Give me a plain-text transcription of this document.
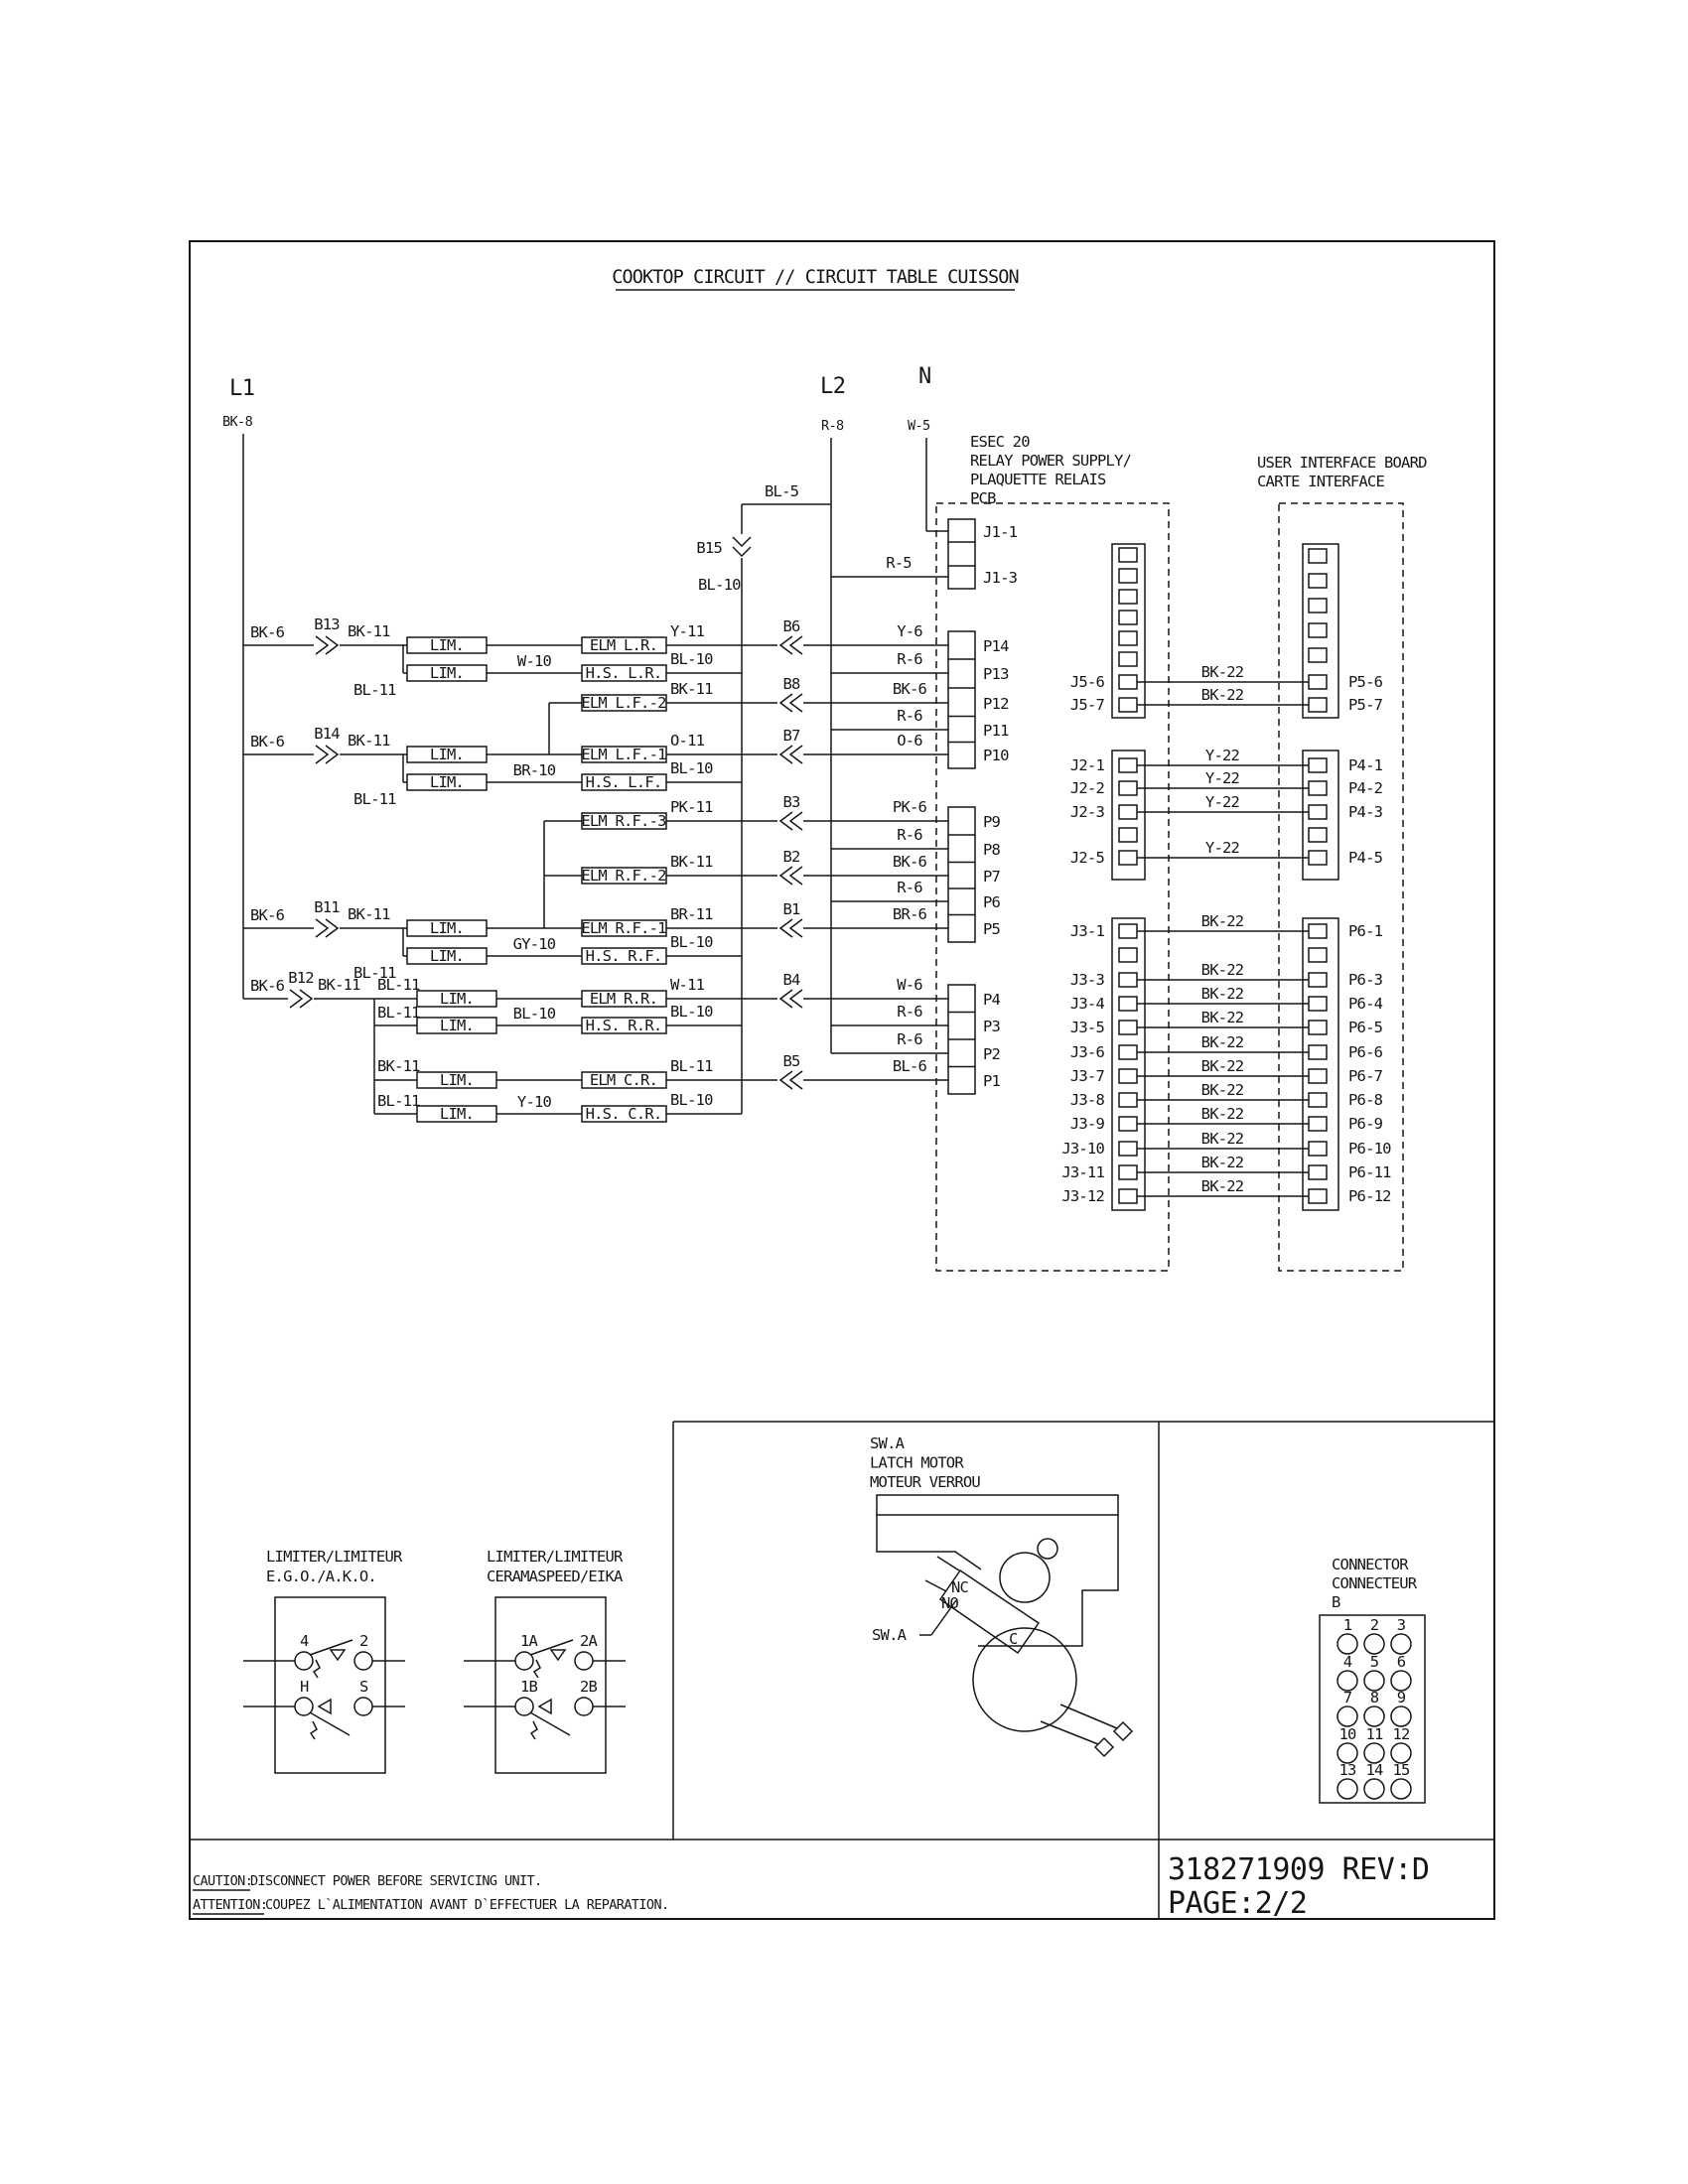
COOKTOP CIRCUIT // CIRCUIT TABLE CUISSON
L1
BK-8
L2
R-8
N
W-5
BL-5
B15
BL-10
BK-6 B13 BK-11
LIM.	ELM L.R.
Y-11
BL-11
LIM.
W-10
H.S. L.R.
BL-10
ELM L.F.-2
BK-11
BK-6 B14 BK-11
LIM.	ELM L.F.-1
O-11
BL-11
LIM.
BR-10
H.S. L.F.
BL-10
ELM R.F.-3
PK-11
ELM R.F.-2
BK-11
BK-6 B11 BK-11
LIM.	ELM R.F.-1
BR-11
BL-11
LIM.
GY-10
H.S. R.F.
BL-10
BK-6 B12 BK-11 BL-11
LIM.	ELM R.R.
W-11
BL-11
LIM.
BL-10
H.S. R.R.
BL-10
BK-11
LIM.	ELM C.R.
BL-11
BL-11
LIM.
Y-10
H.S. C.R.
BL-10
R-5
B6	Y-6
R-6
B8	BK-6
R-6
B7	O-6
B3	PK-6
R-6
B2	BK-6
R-6
B1	BR-6
B4	W-6
R-6
R-6
B5	BL-6
ESEC 20
RELAY POWER SUPPLY/
PLAQUETTE RELAIS
PCB
J1-1
J1-3
P14
P13
P12
P11
P10
P9
P8
P7
P6
P5
P4
P3
P2
P1
J5-6	P5-6
BK-22
J5-7	P5-7
BK-22
J2-1	P4-1
Y-22
J2-2	P4-2
Y-22
J2-3	P4-3
Y-22
J2-5	P4-5
Y-22
J3-1	P6-1
BK-22
J3-3	P6-3
BK-22
J3-4	P6-4
BK-22
J3-5	P6-5
BK-22
J3-6	P6-6
BK-22
J3-7	P6-7
BK-22
J3-8	P6-8
BK-22
J3-9	P6-9
BK-22
J3-10	P6-10
BK-22
J3-11	P6-11
BK-22
J3-12	P6-12
BK-22
USER INTERFACE BOARD
CARTE INTERFACE
SW.A
LATCH MOTOR
MOTEUR VERROU
NC
NO
C
SW.A
LIMITER/LIMITEUR
E.G.O./A.K.O.
4	2
H	S
LIMITER/LIMITEUR
CERAMASPEED/EIKA
1A	2A
1B	2B
CONNECTOR
CONNECTEUR
B
1 2 3
4 5 6
7 8 9
10 11 12
13 14 15
CAUTION:
DISCONNECT POWER BEFORE SERVICING UNIT.
ATTENTION:
COUPEZ L`ALIMENTATION AVANT D`EFFECTUER LA REPARATION.
318271909 REV:D
PAGE:2/2
